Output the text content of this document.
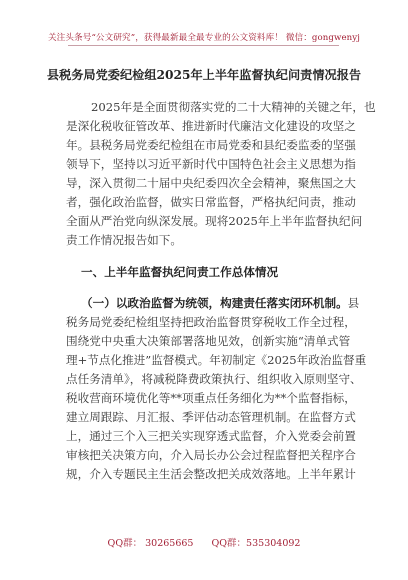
关注头条号“公文研究”，获得最新最全最专业的公文资料库！ 微信：gongwenyj
县税务局党委纪检组2025年上半年监督执纪问责情况报告
2025年是全面贯彻落实党的二十大精神的关键之年，也
是深化税收征管改革、推进新时代廉洁文化建设的攻坚之
年。县税务局党委纪检组在市局党委和县纪委监委的坚强
领导下，坚持以习近平新时代中国特色社会主义思想为指
导，深入贯彻二十届中央纪委四次全会精神，聚焦国之大
者，强化政治监督，做实日常监督，严格执纪问责，推动
全面从严治党向纵深发展。现将2025年上半年监督执纪问
责工作情况报告如下。
一、上半年监督执纪问责工作总体情况
（一）以政治监督为统领，构建责任落实闭环机制。县
税务局党委纪检组坚持把政治监督贯穿税收工作全过程，
围绕党中央重大决策部署落地见效，创新实施“清单式管
理+节点化推进”监督模式。年初制定《2025年政治监督重
点任务清单》，将减税降费政策执行、组织收入原则坚守、
税收营商环境优化等**项重点任务细化为**个监督指标，
建立周跟踪、月汇报、季评估动态管理机制。在监督方式
上，通过三个入三把关实现穿透式监督，介入党委会前置
审核把关决策方向，介入局长办公会过程监督把关程序合
规，介入专题民主生活会整改把关成效落地。上半年累计
QQ群： 30265665 QQ群：535304092
